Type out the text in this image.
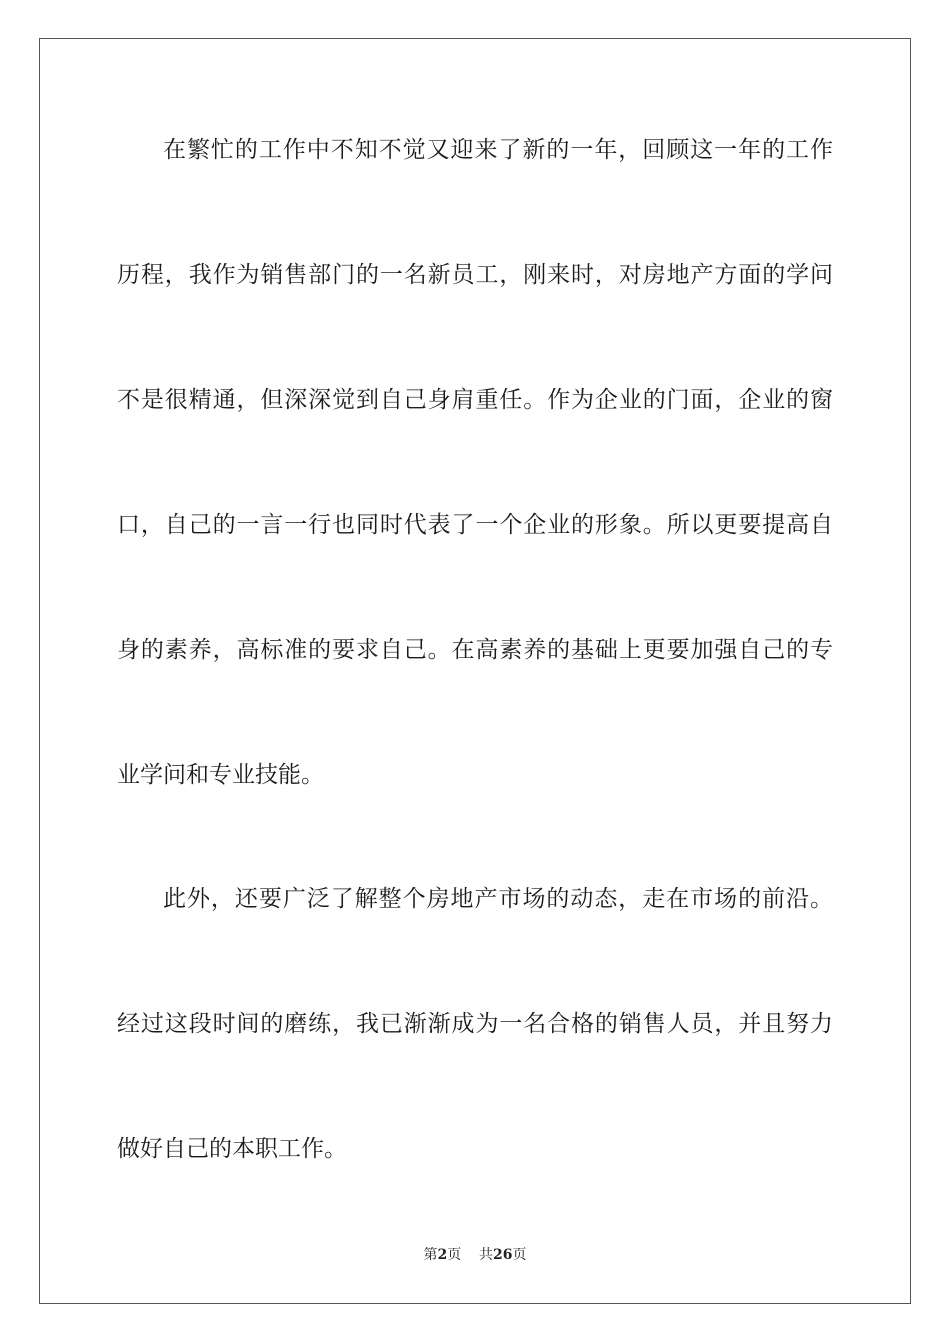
在繁忙的工作中不知不觉又迎来了新的一年，回顾这一年的工作
历程，我作为销售部门的一名新员工，刚来时，对房地产方面的学问
不是很精通，但深深觉到自己身肩重任。作为企业的门面，企业的窗
口，自己的一言一行也同时代表了一个企业的形象。所以更要提高自
身的素养，高标准的要求自己。在高素养的基础上更要加强自己的专
业学问和专业技能。
此外，还要广泛了解整个房地产市场的动态，走在市场的前沿。
经过这段时间的磨练，我已渐渐成为一名合格的销售人员，并且努力
做好自己的本职工作。
第2页 共26页
